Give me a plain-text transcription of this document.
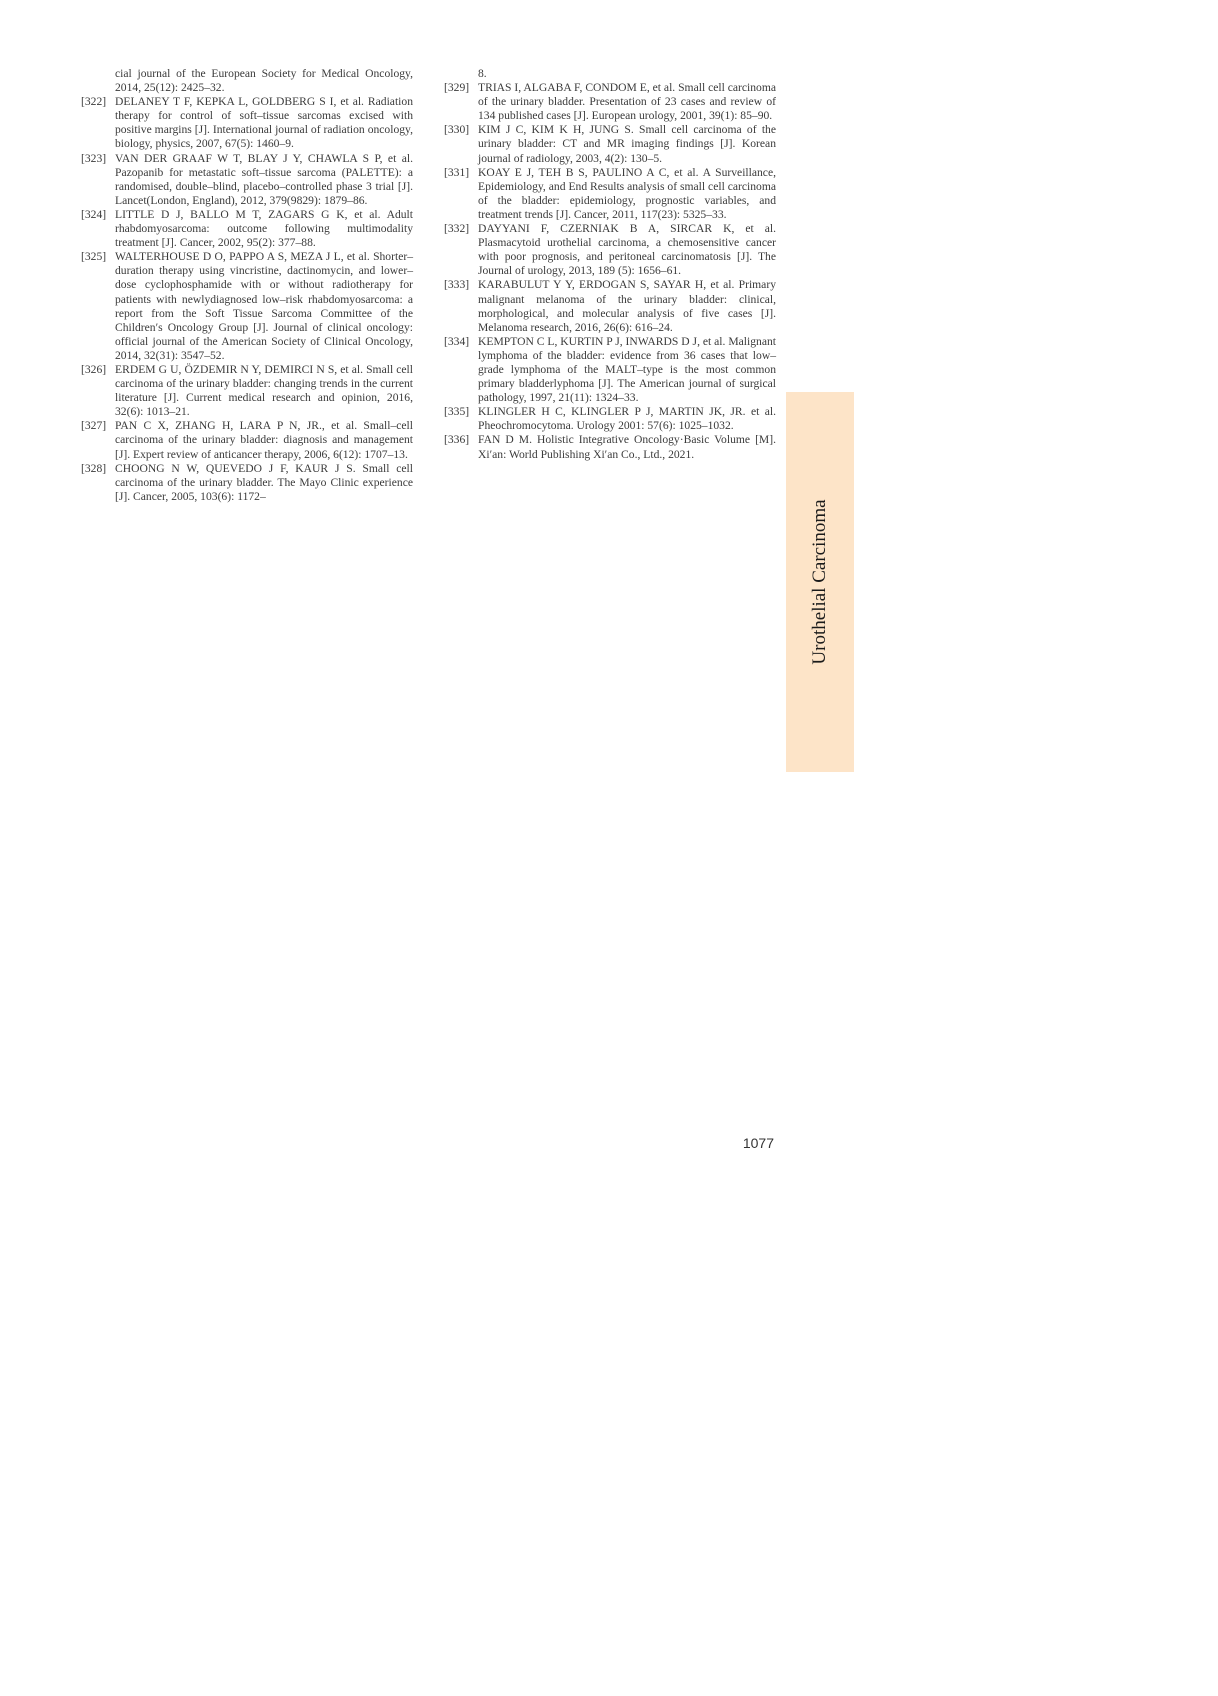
cial journal of the European Society for Medical Oncology, 2014, 25(12): 2425–32.
[322] DELANEY T F, KEPKA L, GOLDBERG S I, et al. Radiation therapy for control of soft–tissue sarcomas excised with positive margins [J]. International journal of radiation oncology, biology, physics, 2007, 67(5): 1460–9.
[323] VAN DER GRAAF W T, BLAY J Y, CHAWLA S P, et al. Pazopanib for metastatic soft–tissue sarcoma (PALETTE): a randomised, double–blind, placebo–controlled phase 3 trial [J]. Lancet(London, England), 2012, 379(9829): 1879–86.
[324] LITTLE D J, BALLO M T, ZAGARS G K, et al. Adult rhabdomyosarcoma: outcome following multimodality treatment [J]. Cancer, 2002, 95(2): 377–88.
[325] WALTERHOUSE D O, PAPPO A S, MEZA J L, et al. Shorter–duration therapy using vincristine, dactinomycin, and lower–dose cyclophosphamide with or without radiotherapy for patients with newlydiagnosed low–risk rhabdomyosarcoma: a report from the Soft Tissue Sarcoma Committee of the Children′s Oncology Group [J]. Journal of clinical oncology: official journal of the American Society of Clinical Oncology, 2014, 32(31): 3547–52.
[326] ERDEM G U, ÖZDEMIR N Y, DEMIRCI N S, et al. Small cell carcinoma of the urinary bladder: changing trends in the current literature [J]. Current medical research and opinion, 2016, 32(6): 1013–21.
[327] PAN C X, ZHANG H, LARA P N, JR., et al. Small–cell carcinoma of the urinary bladder: diagnosis and management [J]. Expert review of anticancer therapy, 2006, 6(12): 1707–13.
[328] CHOONG N W, QUEVEDO J F, KAUR J S. Small cell carcinoma of the urinary bladder. The Mayo Clinic experience [J]. Cancer, 2005, 103(6): 1172–
8.
[329] TRIAS I, ALGABA F, CONDOM E, et al. Small cell carcinoma of the urinary bladder. Presentation of 23 cases and review of 134 published cases [J]. European urology, 2001, 39(1): 85–90.
[330] KIM J C, KIM K H, JUNG S. Small cell carcinoma of the urinary bladder: CT and MR imaging findings [J]. Korean journal of radiology, 2003, 4(2): 130–5.
[331] KOAY E J, TEH B S, PAULINO A C, et al. A Surveillance, Epidemiology, and End Results analysis of small cell carcinoma of the bladder: epidemiology, prognostic variables, and treatment trends [J]. Cancer, 2011, 117(23): 5325–33.
[332] DAYYANI F, CZERNIAK B A, SIRCAR K, et al. Plasmacytoid urothelial carcinoma, a chemosensitive cancer with poor prognosis, and peritoneal carcinomatosis [J]. The Journal of urology, 2013, 189 (5): 1656–61.
[333] KARABULUT Y Y, ERDOGAN S, SAYAR H, et al. Primary malignant melanoma of the urinary bladder: clinical, morphological, and molecular analysis of five cases [J]. Melanoma research, 2016, 26(6): 616–24.
[334] KEMPTON C L, KURTIN P J, INWARDS D J, et al. Malignant lymphoma of the bladder: evidence from 36 cases that low–grade lymphoma of the MALT–type is the most common primary bladderlyphoma [J]. The American journal of surgical pathology, 1997, 21(11): 1324–33.
[335] KLINGLER H C, KLINGLER P J, MARTIN JK, JR. et al. Pheochromocytoma. Urology 2001: 57(6): 1025–1032.
[336] FAN D M. Holistic Integrative Oncology·Basic Volume [M]. Xi′an: World Publishing Xi′an Co., Ltd., 2021.
Urothelial Carcinoma
1077
